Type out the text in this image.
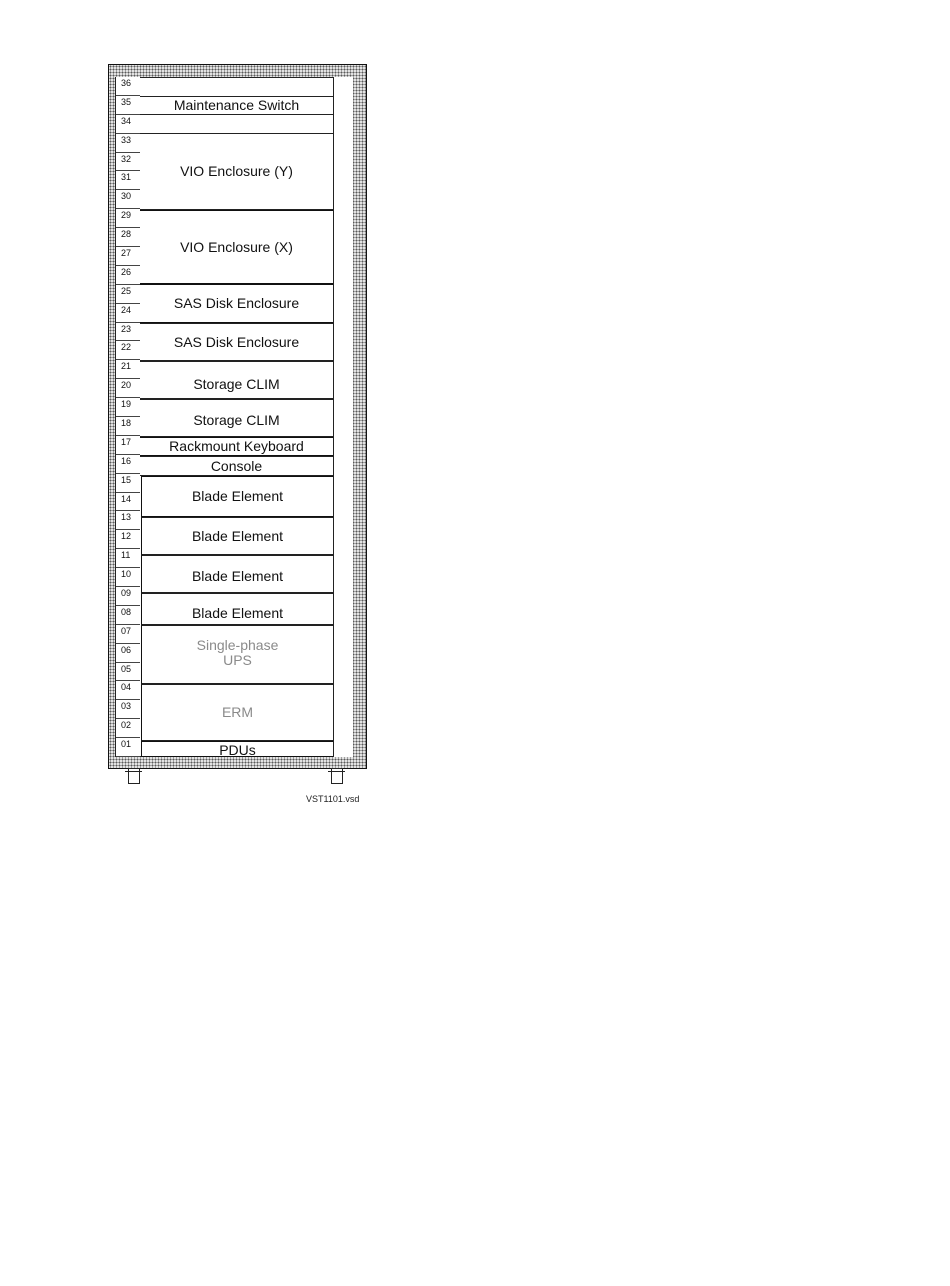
36
35
34
33
32
31
30
29
28
27
26
25
24
23
22
21
20
19
18
17
16
15
14
13
12
11
10
09
08
07
06
05
04
03
02
01
Maintenance Switch
VIO Enclosure (Y)
VIO Enclosure (X)
SAS Disk Enclosure
SAS Disk Enclosure
Storage CLIM
Storage CLIM
Rackmount Keyboard
Console
Blade Element
Blade Element
Blade Element
Blade Element
Single-phase
UPS
ERM
PDUs
VST1101.vsd
